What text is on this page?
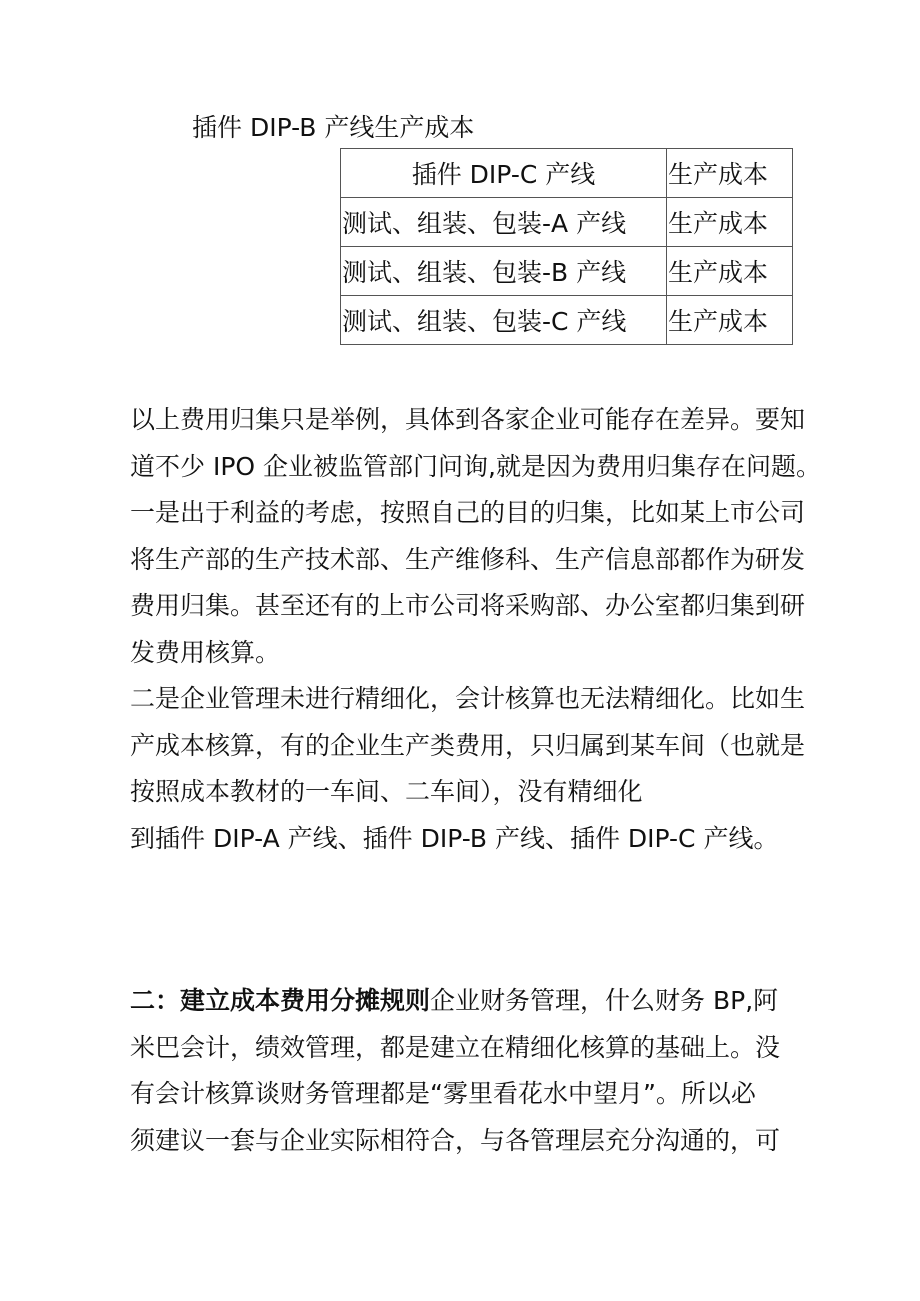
插件 DIP-B 产线生产成本
插件 DIP-C 产线	生产成本
测试、组装、包装-A 产线	生产成本
测试、组装、包装-B 产线	生产成本
测试、组装、包装-C 产线	生产成本
以上费用归集只是举例，具体到各家企业可能存在差异。要知
道不少 IPO 企业被监管部门问询,就是因为费用归集存在问题。
一是出于利益的考虑，按照自己的目的归集，比如某上市公司
将生产部的生产技术部、生产维修科、生产信息部都作为研发
费用归集。甚至还有的上市公司将采购部、办公室都归集到研
发费用核算。
二是企业管理未进行精细化，会计核算也无法精细化。比如生
产成本核算，有的企业生产类费用，只归属到某车间（也就是
按照成本教材的一车间、二车间），没有精细化
到插件 DIP-A 产线、插件 DIP-B 产线、插件 DIP-C 产线。
二：建立成本费用分摊规则企业财务管理，什么财务 BP,阿
米巴会计，绩效管理，都是建立在精细化核算的基础上。没
有会计核算谈财务管理都是“雾里看花水中望月”。所以必
须建议一套与企业实际相符合，与各管理层充分沟通的，可
